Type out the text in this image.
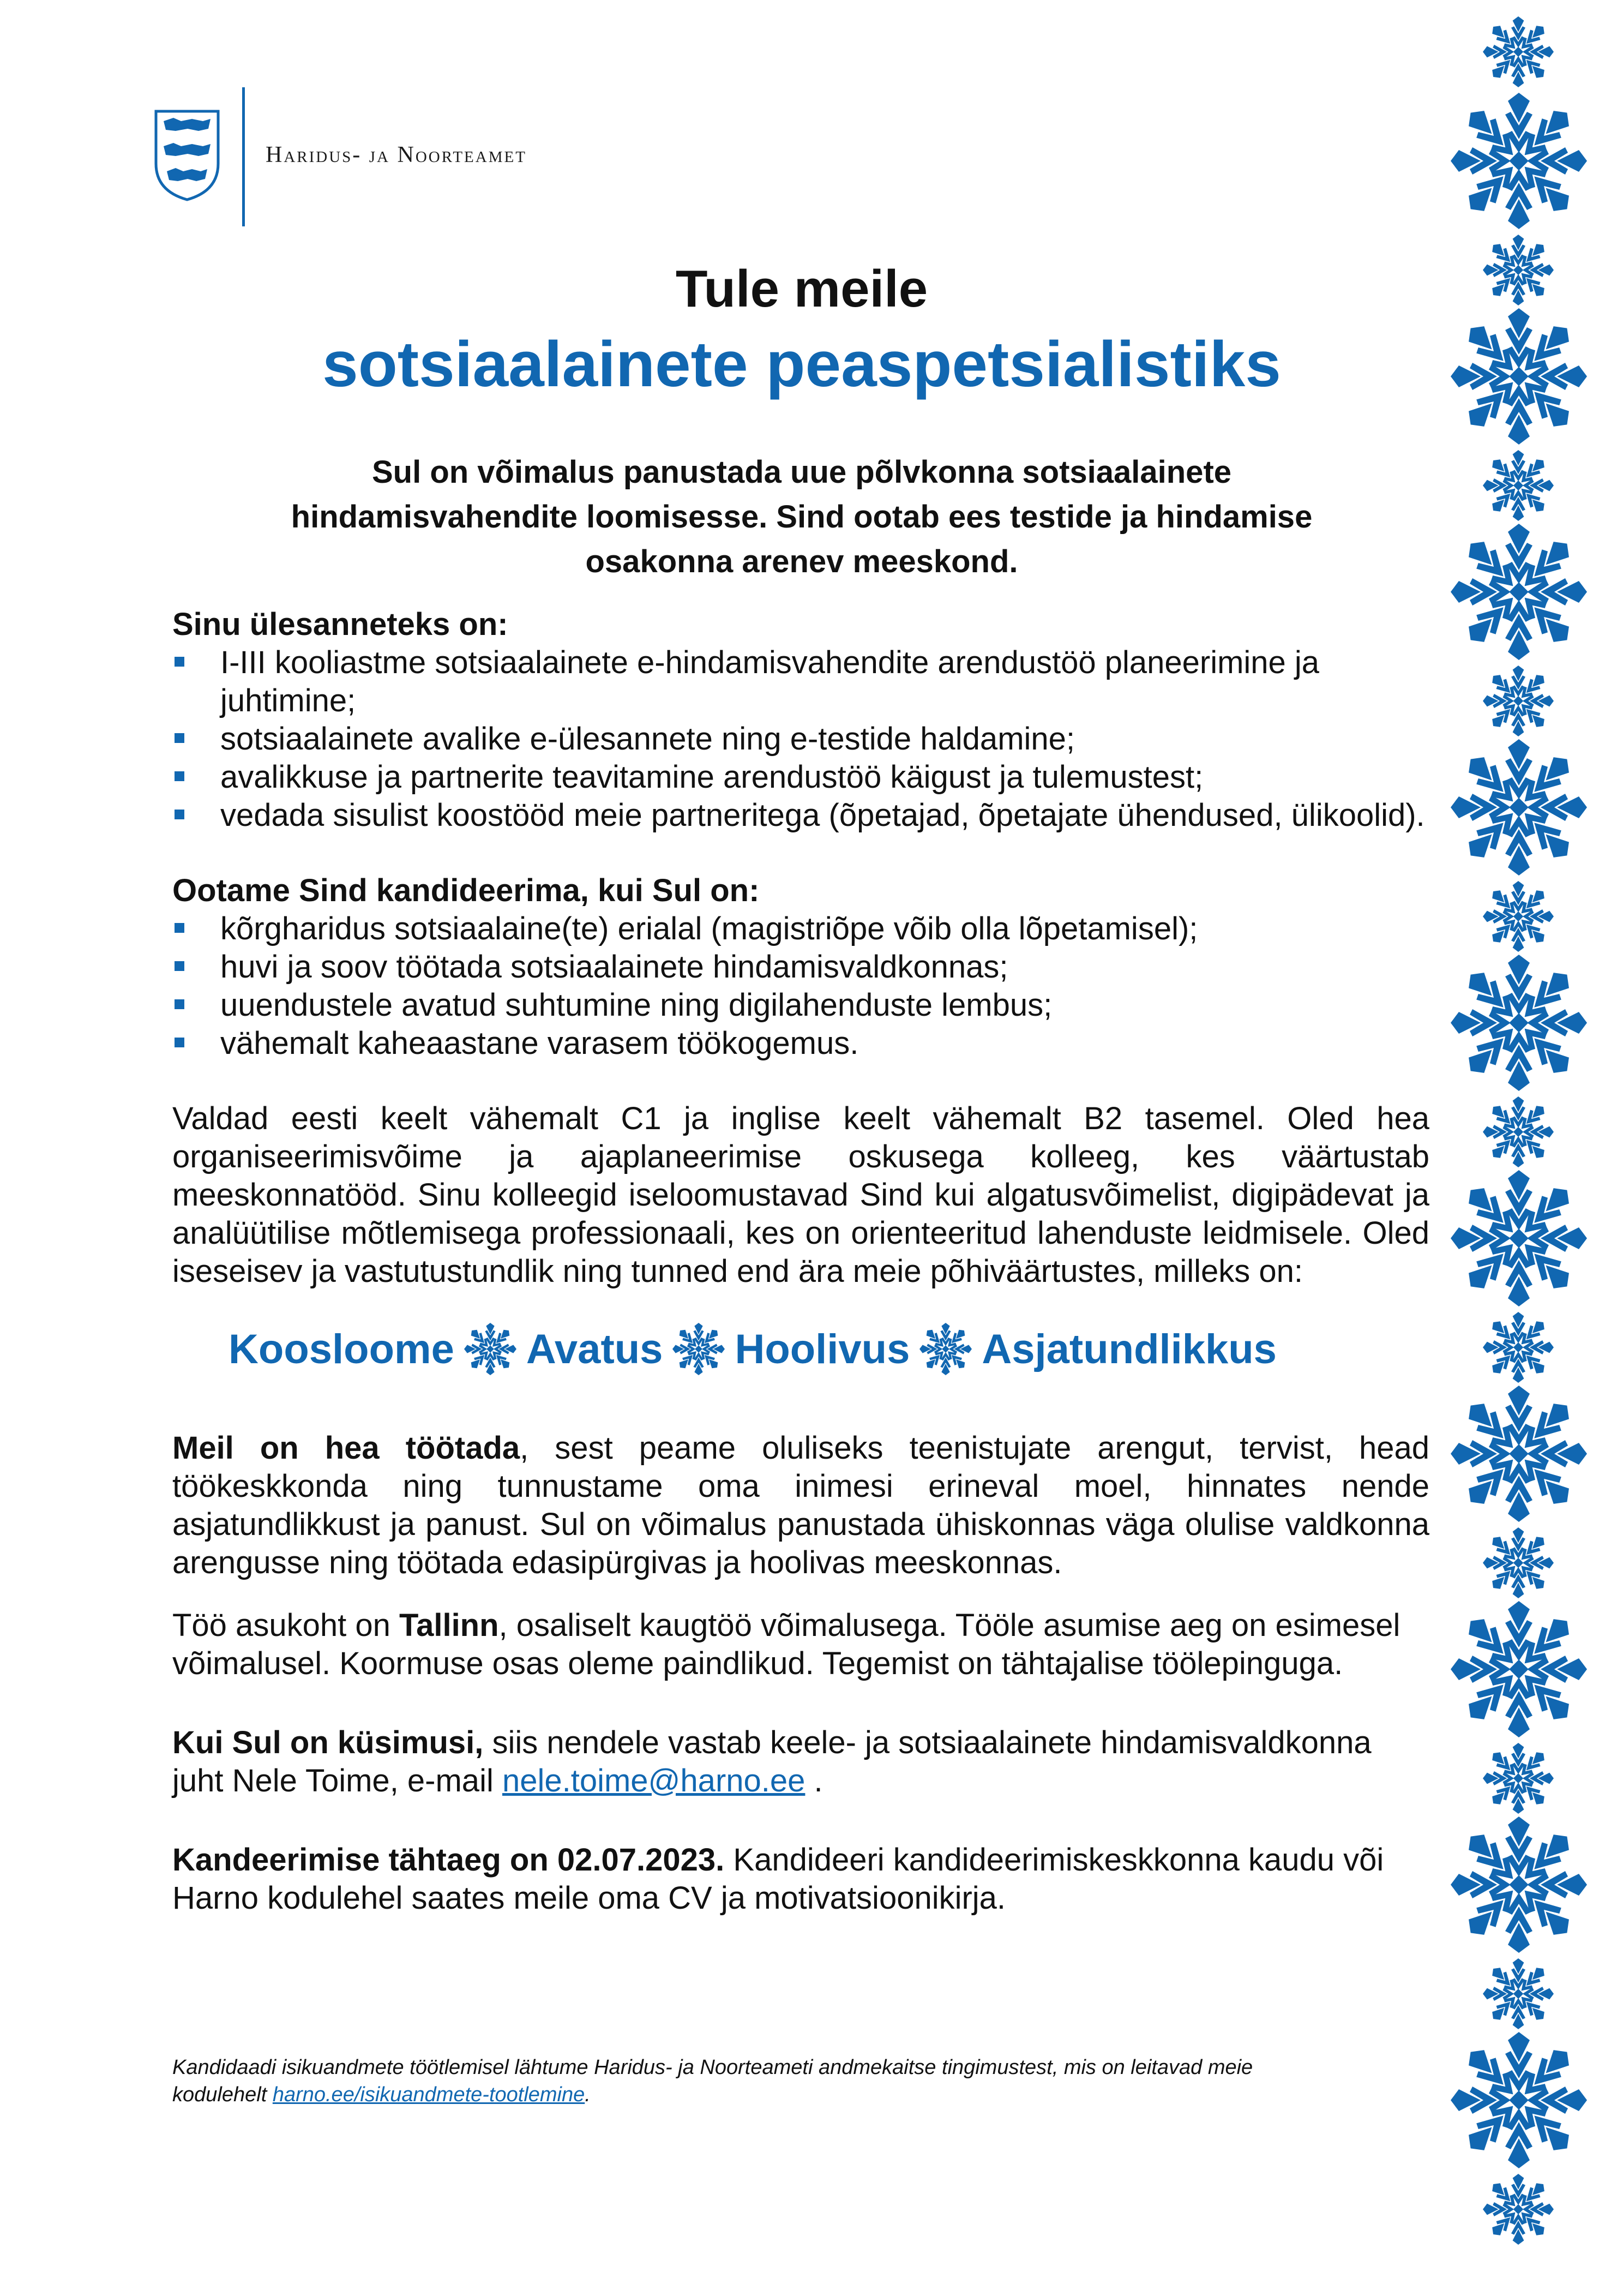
Haridus- ja Noorteamet
Tule meile
sotsiaalainete peaspetsialistiks
Sul on võimalus panustada uue põlvkonna sotsiaalainete
hindamisvahendite loomisesse. Sind ootab ees testide ja hindamise
osakonna arenev meeskond.
Sinu ülesanneteks on:
I-III kooliastme sotsiaalainete e-hindamisvahendite arendustöö planeerimine ja juhtimine;
sotsiaalainete avalike e-ülesannete ning e-testide haldamine;
avalikkuse ja partnerite teavitamine arendustöö käigust ja tulemustest;
vedada sisulist koostööd meie partneritega (õpetajad, õpetajate ühendused, ülikoolid).
Ootame Sind kandideerima, kui Sul on:
kõrgharidus sotsiaalaine(te) erialal (magistriõpe võib olla lõpetamisel);
huvi ja soov töötada sotsiaalainete hindamisvaldkonnas;
uuendustele avatud suhtumine ning digilahenduste lembus;
vähemalt kaheaastane varasem töökogemus.

Valdad eesti keelt vähemalt C1 ja inglise keelt vähemalt B2 tasemel. Oled hea organiseerimisvõime ja ajaplaneerimise oskusega kolleeg, kes väärtustab meeskonnatööd. Sinu kolleegid iseloomustavad Sind kui algatusvõimelist, digipädevat ja analüütilise mõtlemisega professionaali, kes on orienteeritud lahenduste leidmisele. Oled iseseisev ja vastutustundlik ning tunned end ära meie põhiväärtustes, milleks on:

Koosloome Avatus Hoolivus Asjatundlikkus

Meil on hea töötada, sest peame oluliseks teenistujate arengut, tervist, head töökeskkonda ning tunnustame oma inimesi erineval moel, hinnates nende asjatundlikkust ja panust. Sul on võimalus panustada ühiskonnas väga olulise valdkonna arengusse ning töötada edasipürgivas ja hoolivas meeskonnas.

Töö asukoht on Tallinn, osaliselt kaugtöö võimalusega. Tööle asumise aeg on esimesel võimalusel. Koormuse osas oleme paindlikud. Tegemist on tähtajalise töölepinguga.

Kui Sul on küsimusi, siis nendele vastab keele- ja sotsiaalainete hindamisvaldkonna juht Nele Toime, e-mail nele.toime@harno.ee .

Kandeerimise tähtaeg on 02.07.2023. Kandideeri kandideerimiskeskkonna kaudu või Harno kodulehel saates meile oma CV ja motivatsioonikirja.

Kandidaadi isikuandmete töötlemisel lähtume Haridus- ja Noorteameti andmekaitse tingimustest, mis on leitavad meie kodulehelt harno.ee/isikuandmete-tootlemine.
